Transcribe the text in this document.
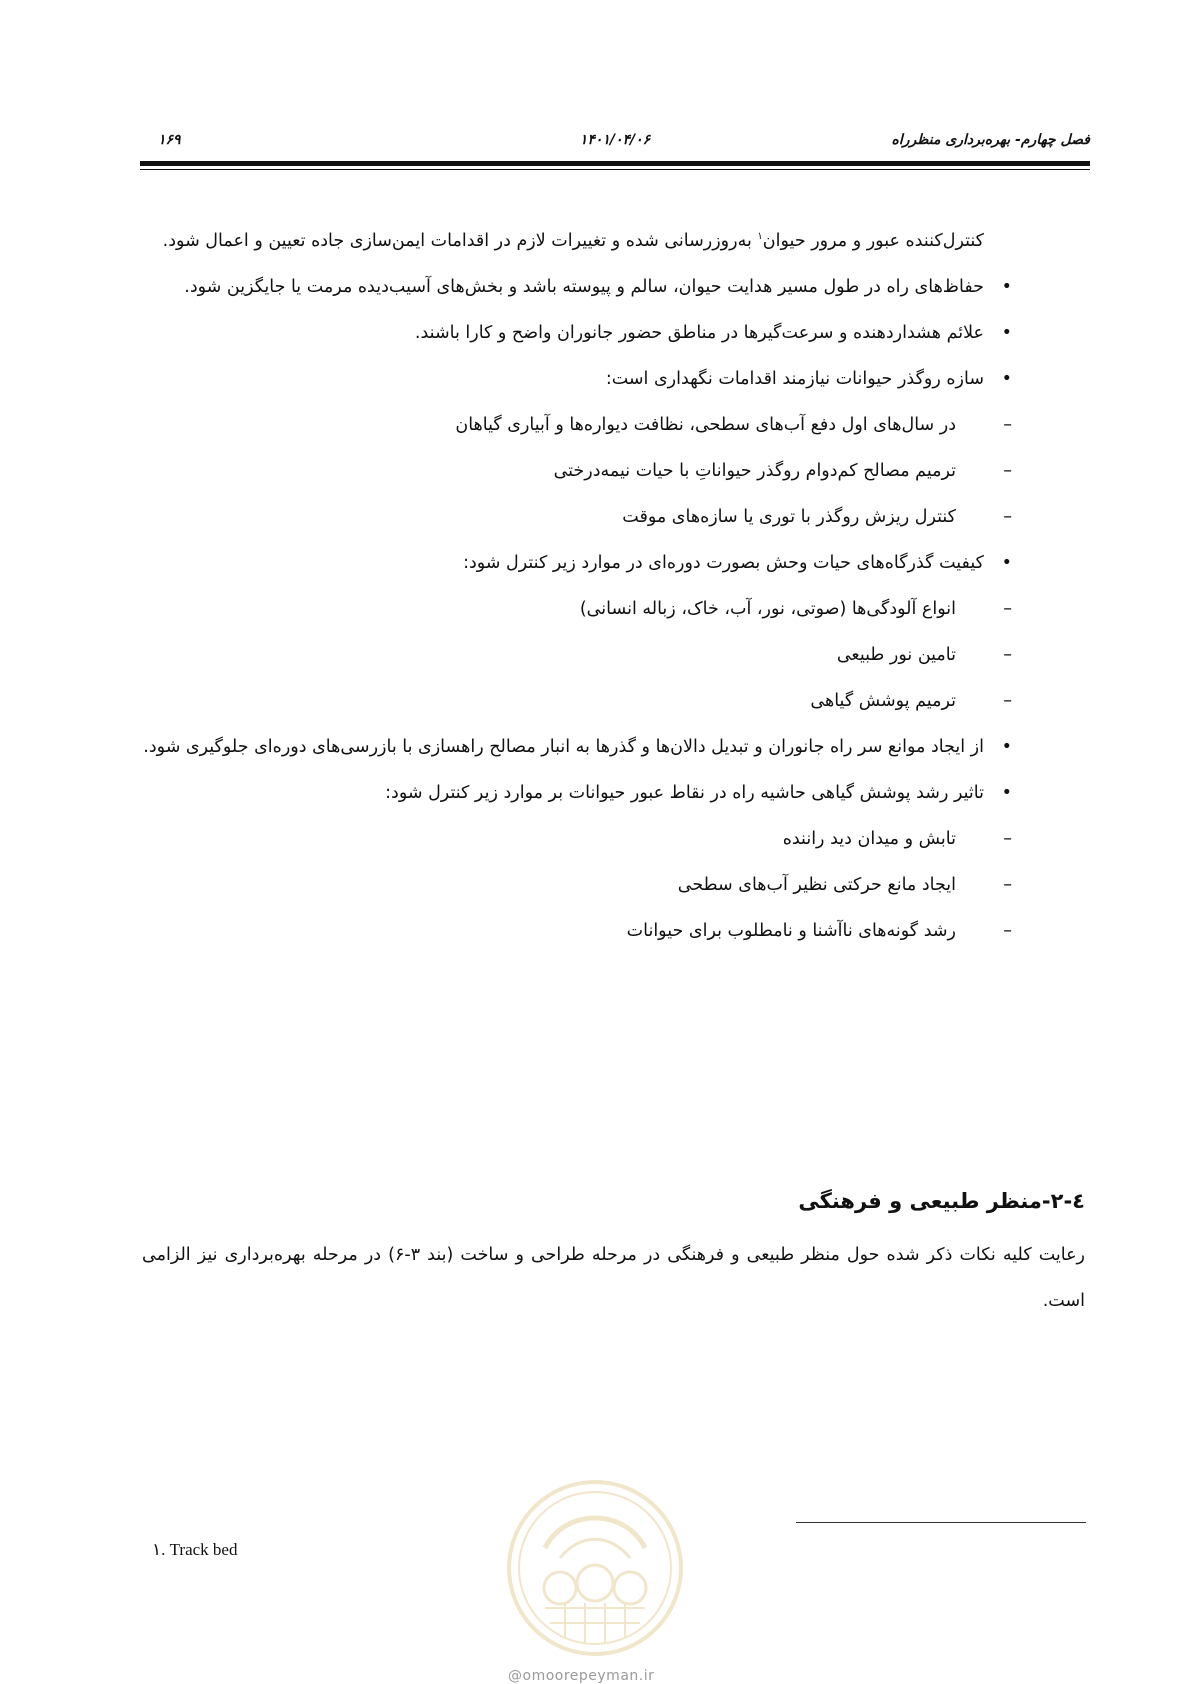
فصل چهارم- بهره‌برداری منظرراه
۱۴۰۱/۰۴/۰۶
۱۶۹
کنترل‌کننده عبور و مرور حیوان$^۱$ به‌روزرسانی شده و تغییرات لازم در اقدامات ایمن‌سازی جاده تعیین و اعمال شود.
•
حفاظ‌های راه در طول مسیر هدایت حیوان، سالم و پیوسته باشد و بخش‌های آسیب‌دیده مرمت یا جایگزین شود.
•
علائم هشداردهنده و سرعت‌گیرها در مناطق حضور جانوران واضح و کارا باشند.
•
سازه روگذر حیوانات نیازمند اقدامات نگهداری است:
–
در سال‌های اول دفع آب‌های سطحی، نظافت دیواره‌ها و آبیاری گیاهان
–
ترمیم مصالح کم‌دوام روگذر حیواناتِ با حیات نیمه‌درختی
–
کنترل ریزش روگذر با توری یا سازه‌های موقت
•
کیفیت گذرگاه‌های حیات وحش بصورت دوره‌ای در موارد زیر کنترل شود:
–
انواع آلودگی‌ها (صوتی، نور، آب، خاک، زباله انسانی)
–
تامین نور طبیعی
–
ترمیم پوشش گیاهی
•
از ایجاد موانع سر راه جانوران و تبدیل دالان‌ها و گذرها به انبار مصالح راهسازی با بازرسی‌های دوره‌ای جلوگیری شود.
•
تاثیر رشد پوشش گیاهی حاشیه راه در نقاط عبور حیوانات بر موارد زیر کنترل شود:
–
تابش و میدان دید راننده
–
ایجاد مانع حرکتی نظیر آب‌های سطحی
–
رشد گونه‌های ناآشنا و نامطلوب برای حیوانات
٤-۲-منظر طبیعی و فرهنگی

رعایت کلیه نکات ذکر شده حول منظر طبیعی و فرهنگی در مرحله طراحی و ساخت (بند ۳-۶) در مرحله بهره‌برداری نیز الزامی است.

۱. Track bed
@omoorepeyman.ir
